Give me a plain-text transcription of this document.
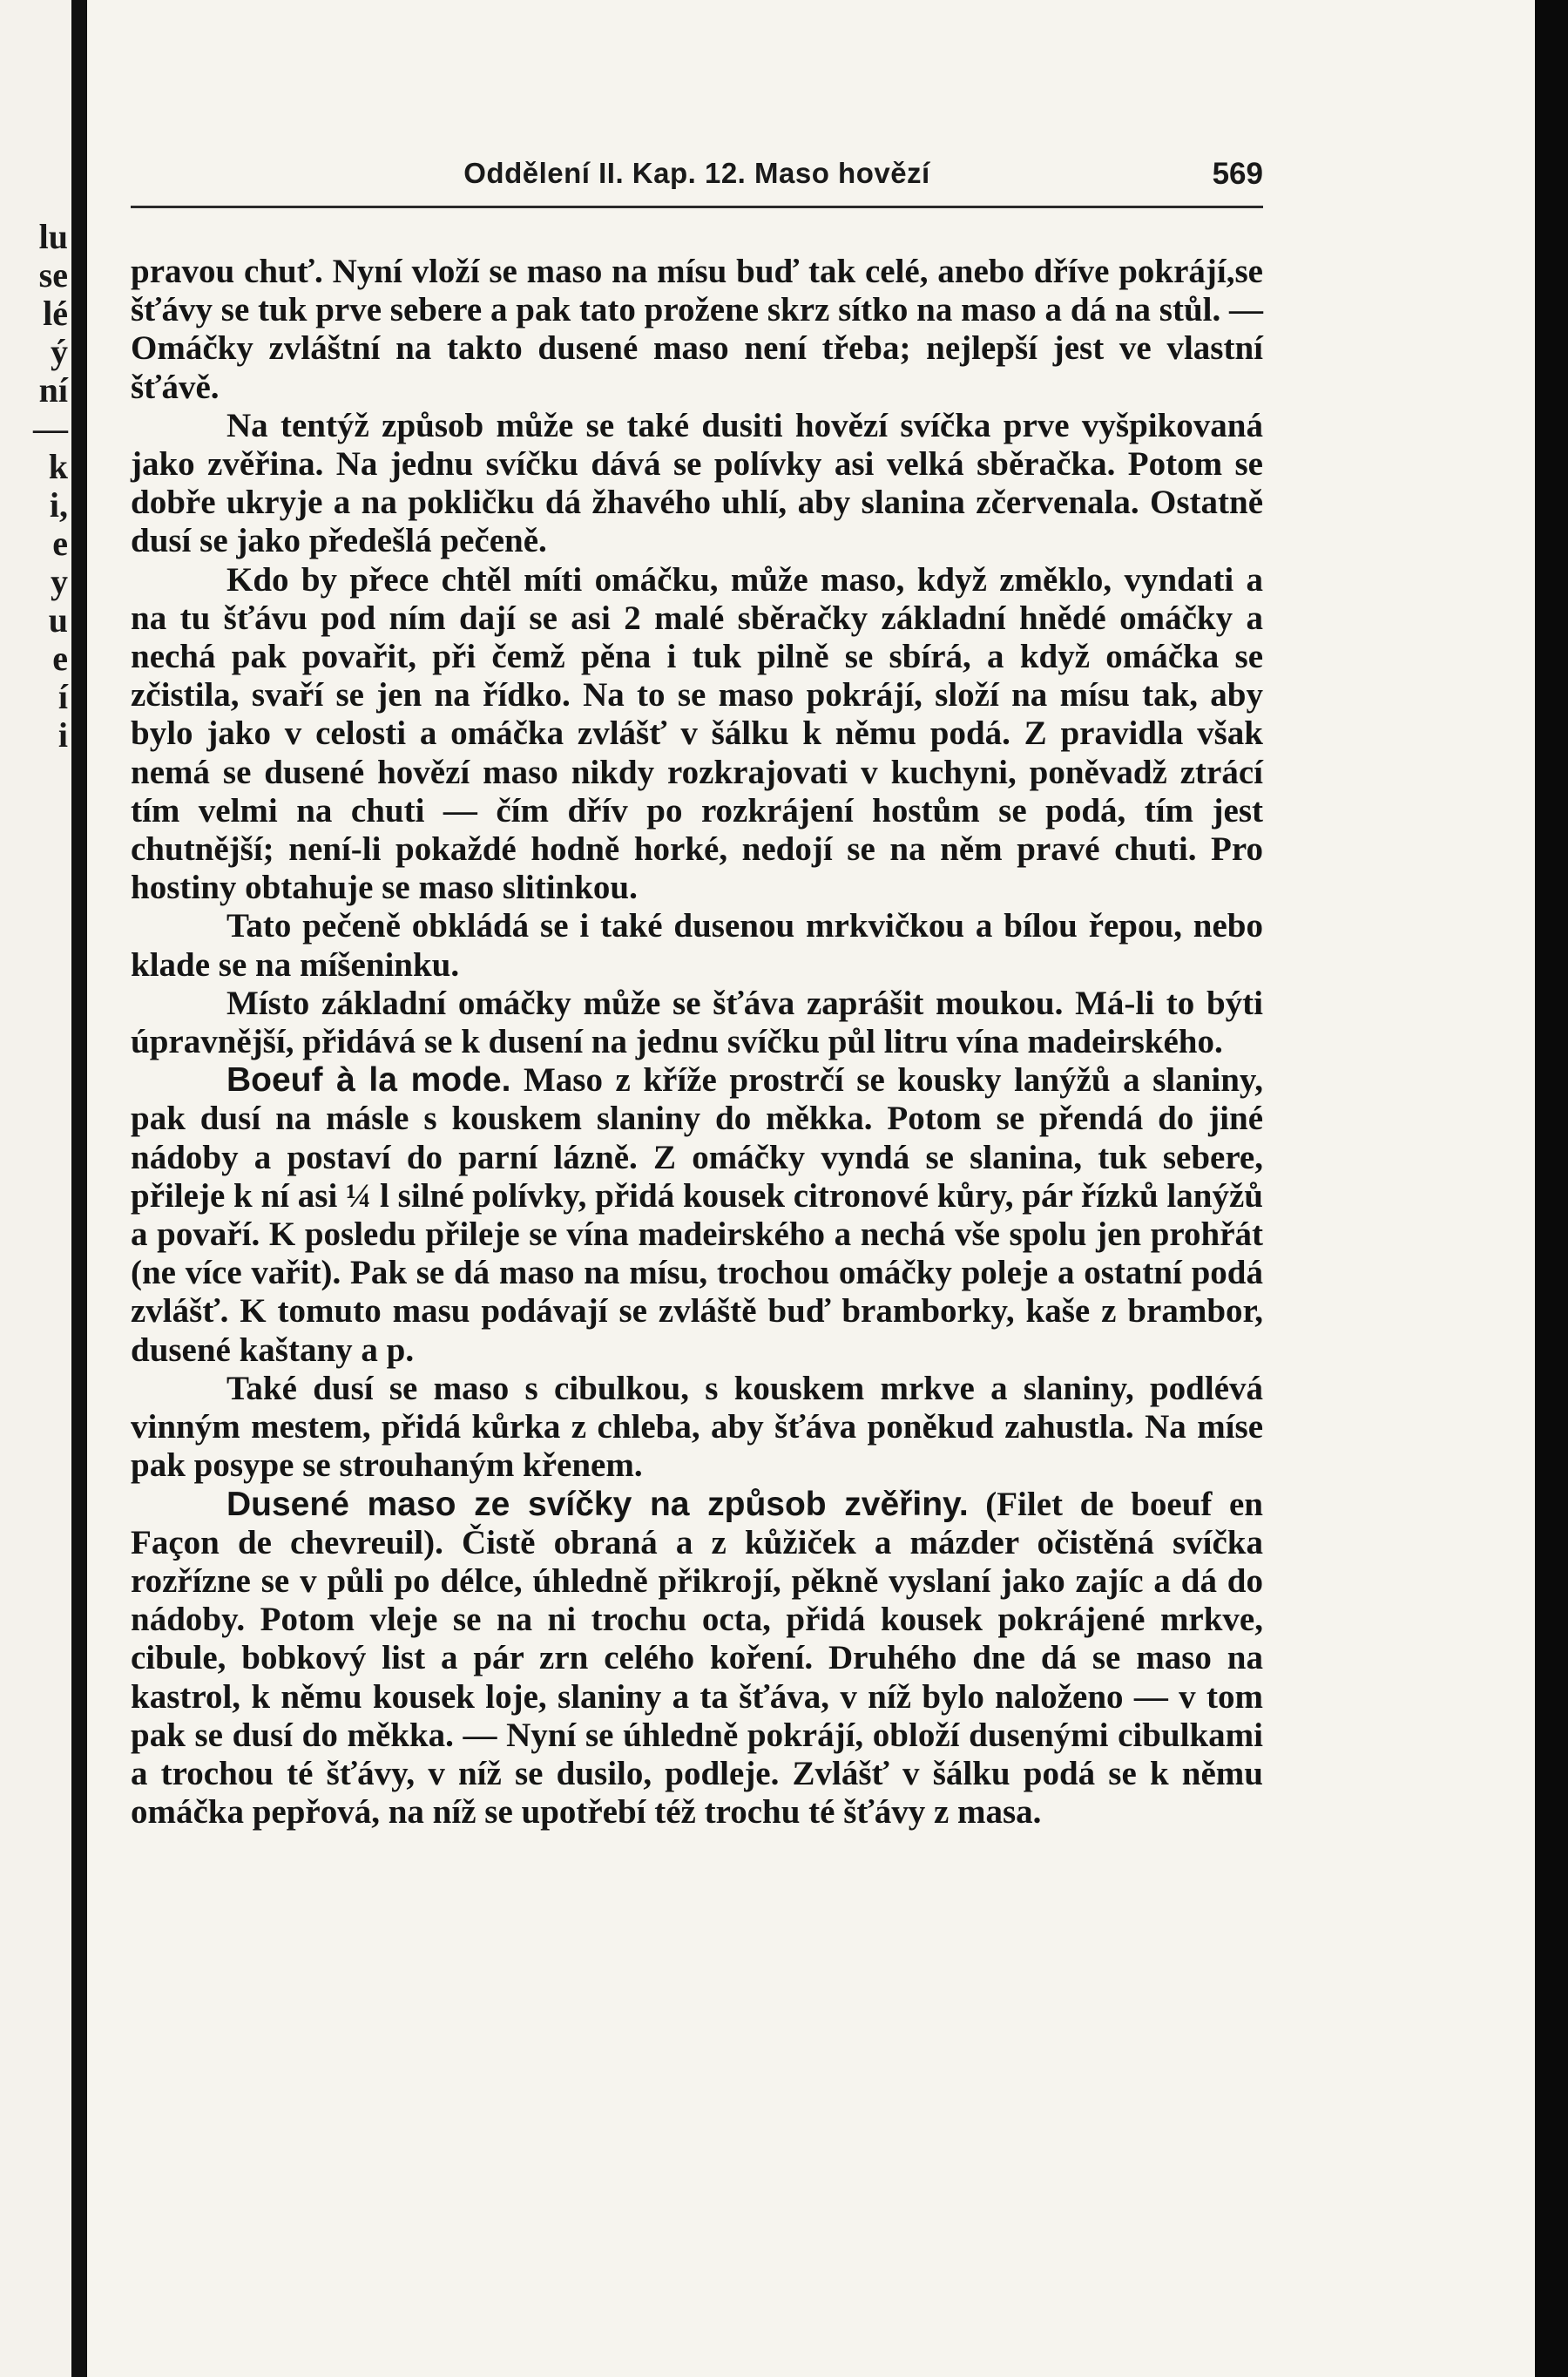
lu
se
lé
ý
ní
—
k
i,
e
y
u
e
í
i
Oddělení II. Kap. 12. Maso hovězí	569

pravou chuť. Nyní vloží se maso na mísu buď tak celé, anebo dříve pokrájí,se šťávy se tuk prve sebere a pak tato prožene skrz sítko na maso a dá na stůl. — Omáčky zvláštní na takto dusené maso není třeba; nejlepší jest ve vlastní šťávě.

Na tentýž způsob může se také dusiti hovězí svíčka prve vyšpikovaná jako zvěřina. Na jednu svíčku dává se polívky asi velká sběračka. Potom se dobře ukryje a na pokličku dá žhavého uhlí, aby slanina zčervenala. Ostatně dusí se jako předešlá pečeně.

Kdo by přece chtěl míti omáčku, může maso, když změklo, vyndati a na tu šťávu pod ním dají se asi 2 malé sběračky základní hnědé omáčky a nechá pak povařit, při čemž pěna i tuk pilně se sbírá, a když omáčka se zčistila, svaří se jen na řídko. Na to se maso pokrájí, složí na mísu tak, aby bylo jako v celosti a omáčka zvlášť v šálku k němu podá. Z pravidla však nemá se dusené hovězí maso nikdy rozkrajovati v kuchyni, poněvadž ztrácí tím velmi na chuti — čím dřív po rozkrájení hostům se podá, tím jest chutnější; není-li pokaždé hodně horké, nedojí se na něm pravé chuti. Pro hostiny obtahuje se maso slitinkou.

Tato pečeně obkládá se i také dusenou mrkvičkou a bílou řepou, nebo klade se na míšeninku.

Místo základní omáčky může se šťáva zaprášit moukou. Má-li to býti úpravnější, přidává se k dusení na jednu svíčku půl litru vína madeirského.

Boeuf à la mode. Maso z kříže prostrčí se kousky lanýžů a slaniny, pak dusí na másle s kouskem slaniny do měkka. Potom se přendá do jiné nádoby a postaví do parní lázně. Z omáčky vyndá se slanina, tuk sebere, přileje k ní asi ¼ l silné polívky, přidá kousek citronové kůry, pár řízků lanýžů a povaří. K posledu přileje se vína madeirského a nechá vše spolu jen prohřát (ne více vařit). Pak se dá maso na mísu, trochou omáčky poleje a ostatní podá zvlášť. K tomuto masu podávají se zvláště buď bramborky, kaše z brambor, dusené kaštany a p.

Také dusí se maso s cibulkou, s kouskem mrkve a slaniny, podlévá vinným mestem, přidá kůrka z chleba, aby šťáva poněkud zahustla. Na míse pak posype se strouhaným křenem.

Dusené maso ze svíčky na způsob zvěřiny. (Filet de boeuf en Façon de chevreuil). Čistě obraná a z kůžiček a mázder očistěná svíčka rozřízne se v půli po délce, úhledně přikrojí, pěkně vyslaní jako zajíc a dá do nádoby. Potom vleje se na ni trochu octa, přidá kousek pokrájené mrkve, cibule, bobkový list a pár zrn celého koření. Druhého dne dá se maso na kastrol, k němu kousek loje, slaniny a ta šťáva, v níž bylo naloženo — v tom pak se dusí do měkka. — Nyní se úhledně pokrájí, obloží dusenými cibulkami a trochou té šťávy, v níž se dusilo, podleje. Zvlášť v šálku podá se k němu omáčka pepřová, na níž se upotřebí též trochu té šťávy z masa.
